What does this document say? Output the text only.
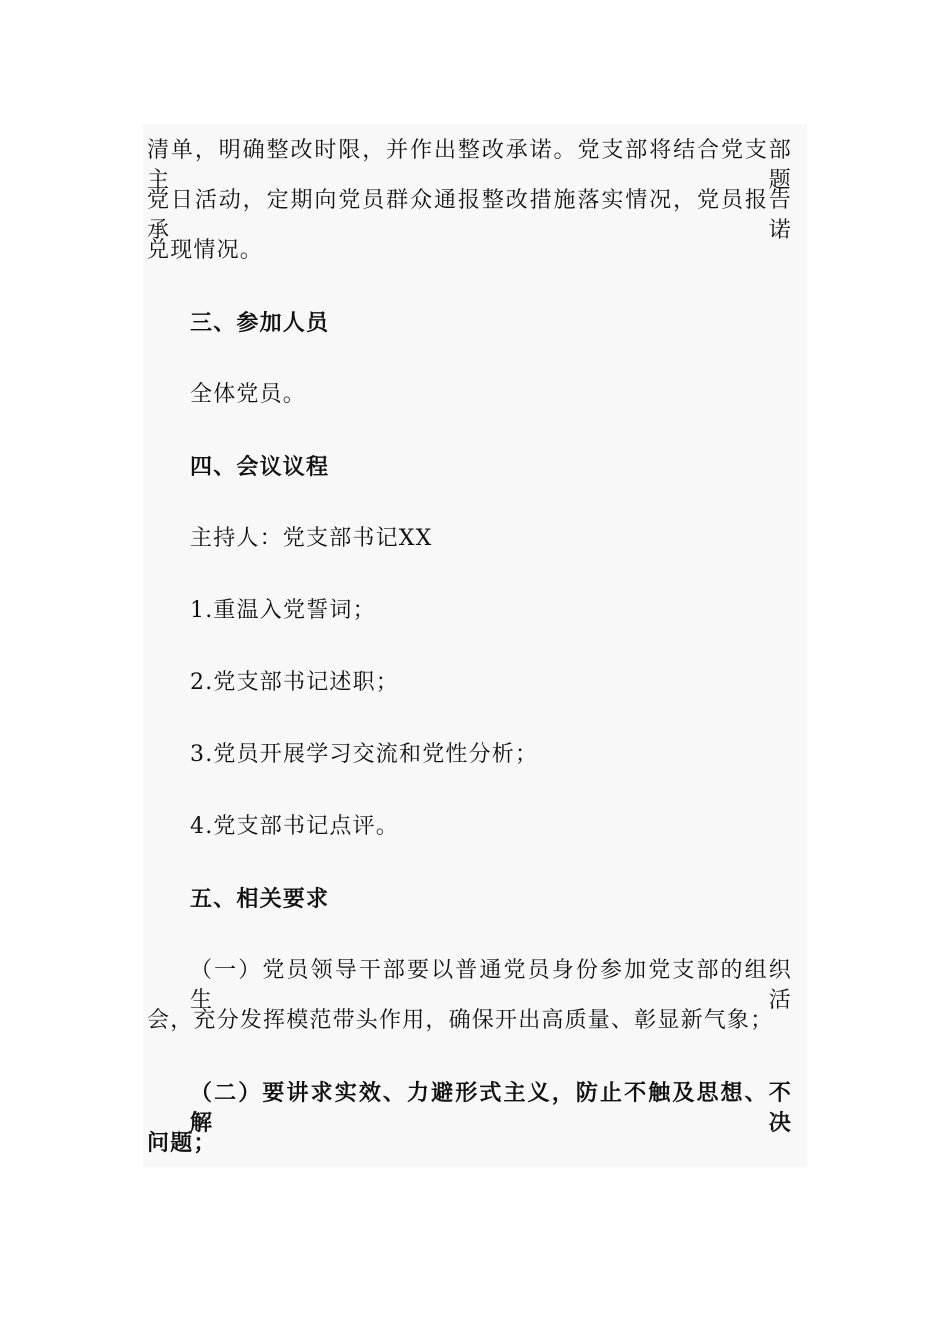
清单，明确整改时限，并作出整改承诺。党支部将结合党支部主题
党日活动，定期向党员群众通报整改措施落实情况，党员报告承诺
兑现情况。
三、参加人员
全体党员。
四、会议议程
主持人：党支部书记XX
1.重温入党誓词；
2.党支部书记述职；
3.党员开展学习交流和党性分析；
4.党支部书记点评。
五、相关要求
（一）党员领导干部要以普通党员身份参加党支部的组织生活
会，充分发挥模范带头作用，确保开出高质量、彰显新气象；
（二）要讲求实效、力避形式主义，防止不触及思想、不解决
问题；
